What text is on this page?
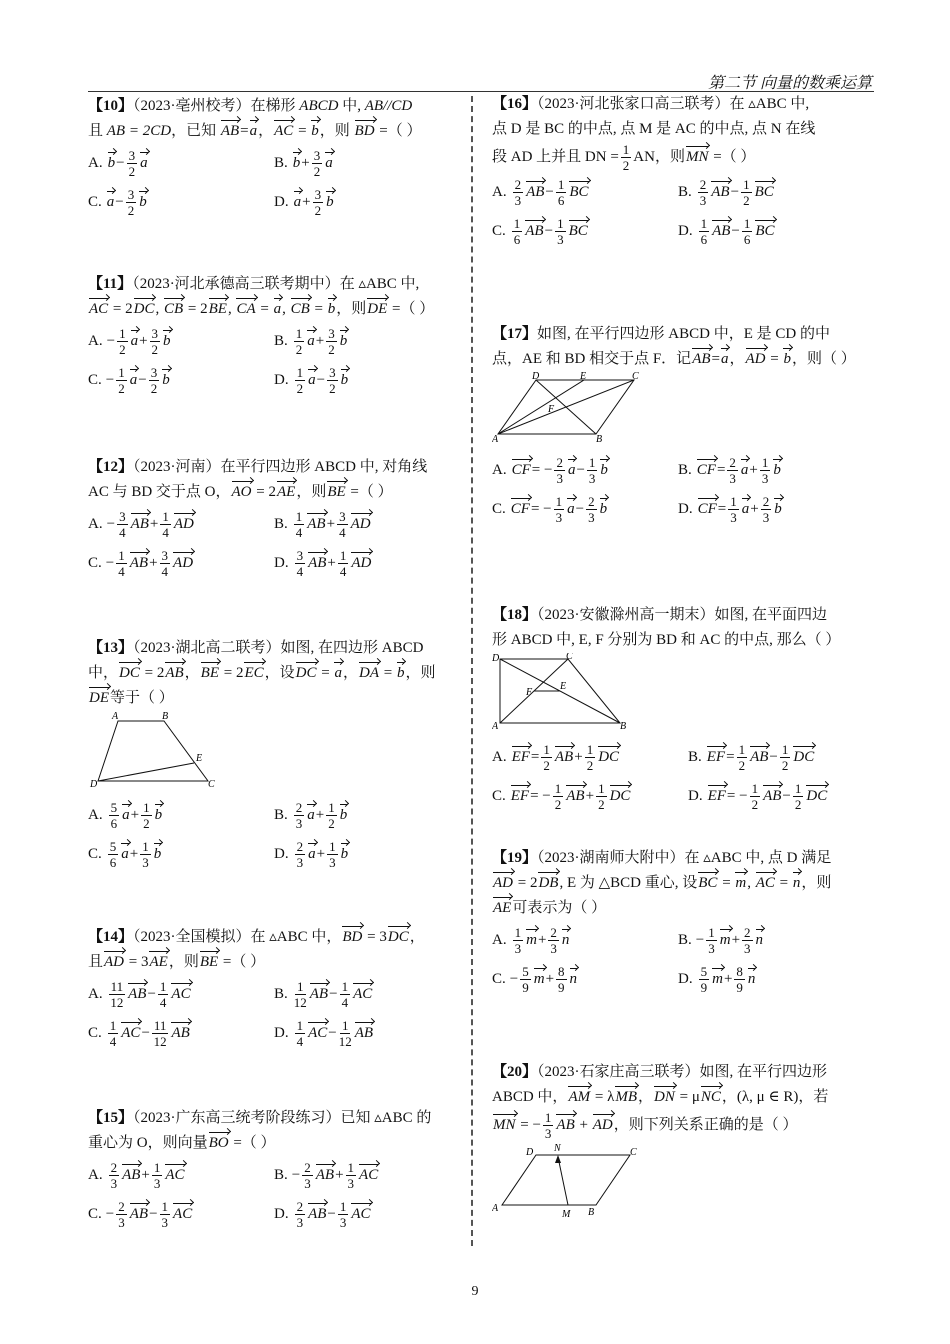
第二节 向量的数乘运算
【10】（2023·亳州校考）在梯形 ABCD 中, AB//CD
且 AB = 2CD，已知 AB=a，AC = b，则 BD =（ ）
A. b − 3
2
a	B. b + 3
2
a
C. a − 3
2
b	D. a + 3
2
b
【11】（2023·河北承德高三联考期中）在 ▵ABC 中,
AC = 2DC, CB = 2BE, CA = a, CB = b，则DE =（ ）
A. − 1
2
a + 3
2
b	B. 1
2
a + 3
2
b
C. − 1
2
a − 3
2
b	D. 1
2
a − 3
2
b
【12】（2023·河南）在平行四边形 ABCD 中, 对角线
AC 与 BD 交于点 O，AO = 2AE，则BE =（ ）
A. − 3
4
AB + 1
4
AD	B. 1
4
AB + 3
4
AD
C. − 1
4
AB + 3
4
AD	D. 3
4
AB + 1
4
AD
【13】（2023·湖北高二联考）如图, 在四边形 ABCD
中，DC = 2AB，BE = 2EC，设DC = a，DA = b，则
DE等于（ ）
A	B
E
D	C
A. 5
6
a + 1
2
b	B. 2
3
a + 1
2
b
C. 5
6
a + 1
3
b	D. 2
3
a + 1
3
b
【14】（2023·全国模拟）在 ▵ABC 中，BD = 3DC，
且AD = 3AE，则BE =（ ）
A. 11
12
AB − 1
4
AC	B. 1
12
AB − 1
4
AC
C. 1
4
AC − 11
12
AB	D. 1
4
AC − 1
12
AB
【15】（2023·广东高三统考阶段练习）已知 ▵ABC 的
重心为 O，则向量BO =（ ）
A. 2
3
AB + 1
3
AC	B. − 2
3
AB + 1
3
AC
C. − 2
3
AB − 1
3
AC	D. 2
3
AB − 1
3
AC
【16】（2023·河北张家口高三联考）在 ▵ABC 中,
点 D 是 BC 的中点, 点 M 是 AC 的中点, 点 N 在线
段 AD 上并且 DN = $\frac{1}{2}$ AN，则MN =（ ）
A. 2
3
AB − 1
6
BC	B. 2
3
AB − 1
2
BC
C. 1
6
AB − 1
3
BC	D. 1
6
AB − 1
6
BC
【17】如图, 在平行四边形 ABCD 中，E 是 CD 的中
点，AE 和 BD 相交于点 F．记AB=a，AD = b，则（ ）
A	B
C
D	E
F
A. CF = − 2
3
a − 1
3
b	B. CF = 2
3
a + 1
3
b
C. CF = − 1
3
a − 2
3
b	D. CF = 1
3
a + 2
3
b
【18】（2023·安徽滁州高一期末）如图, 在平面四边
形 ABCD 中, E, F 分别为 BD 和 AC 的中点, 那么（ ）
A	B
C
D
F
E
A. EF = 1
2
AB + 1
2
DC	B. EF = 1
2
AB − 1
2
DC
C. EF = − 1
2
AB + 1
2
DC	D. EF = − 1
2
AB − 1
2
DC
【19】（2023·湖南师大附中）在 ▵ABC 中, 点 D 满足
AD = 2DB, E 为 △BCD 重心, 设BC = m, AC = n，则
AE可表示为（ ）
A. 1
3
m + 2
3
n	B. − 1
3
m + 2
3
n
C. − 5
9
m + 8
9
n	D. 5
9
m + 8
9
n
【20】（2023·石家庄高三联考）如图, 在平行四边形
ABCD 中，AM = λMB，DN = μNC，(λ, μ ∈ R)，若
MN = − $\frac{1}{3}$ AB + AD，则下列关系正确的是（ ）
A	B
C
D N
M
9
